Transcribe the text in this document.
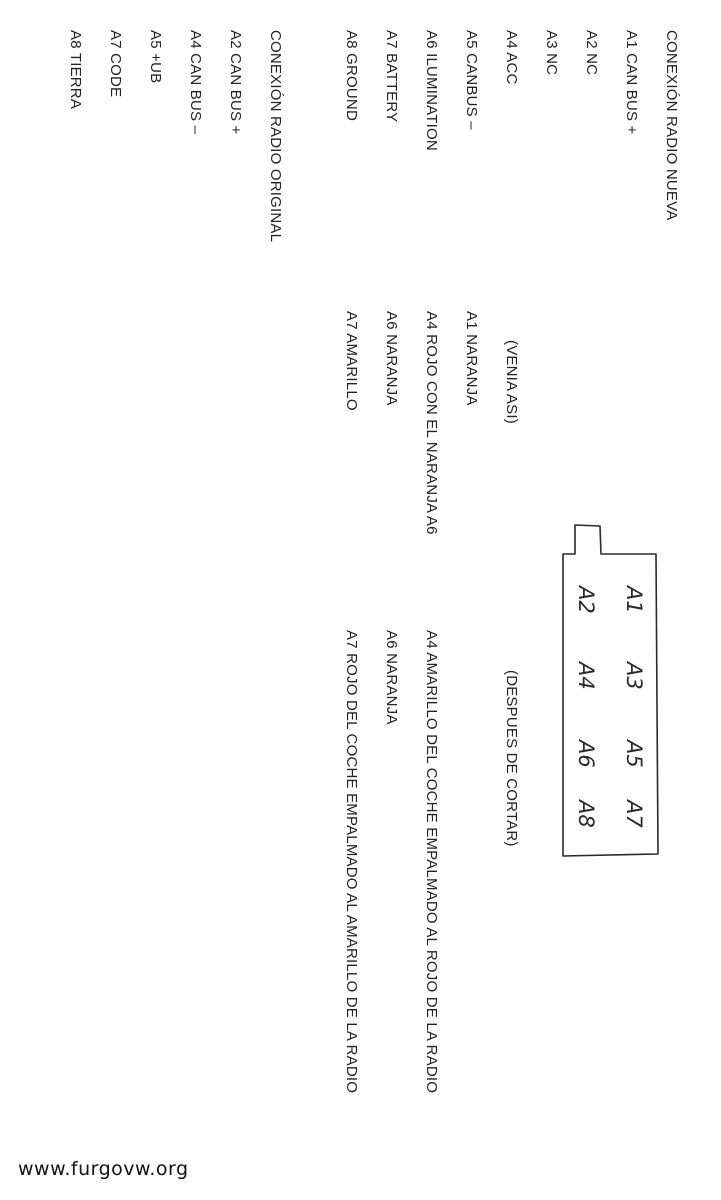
CONEXIÓN RADIO NUEVA
A1 CAN BUS +
A2 NC
A3 NC
A4 ACC
(VENIA ASI)
(DESPUES DE CORTAR)
A5 CANBUS –
A1 NARANJA
A6 ILUMINATION
A4 ROJO CON EL NARANJA A6
A4 AMARILLO DEL COCHE EMPALMADO AL ROJO DE LA RADIO
A7 BATTERY
A6 NARANJA
A6 NARANJA
A8 GROUND
A7 AMARILLO
A7 ROJO DEL COCHE EMPALMADO AL AMARILLO DE LA RADIO
CONEXIÓN RADIO ORIGINAL
A2 CAN BUS +
A4 CAN BUS –
A5 +UB
A7 CODE
A8 TIERRA
A1
A3
A5
A7
A2
A4
A6
A8
www.furgovw.org
